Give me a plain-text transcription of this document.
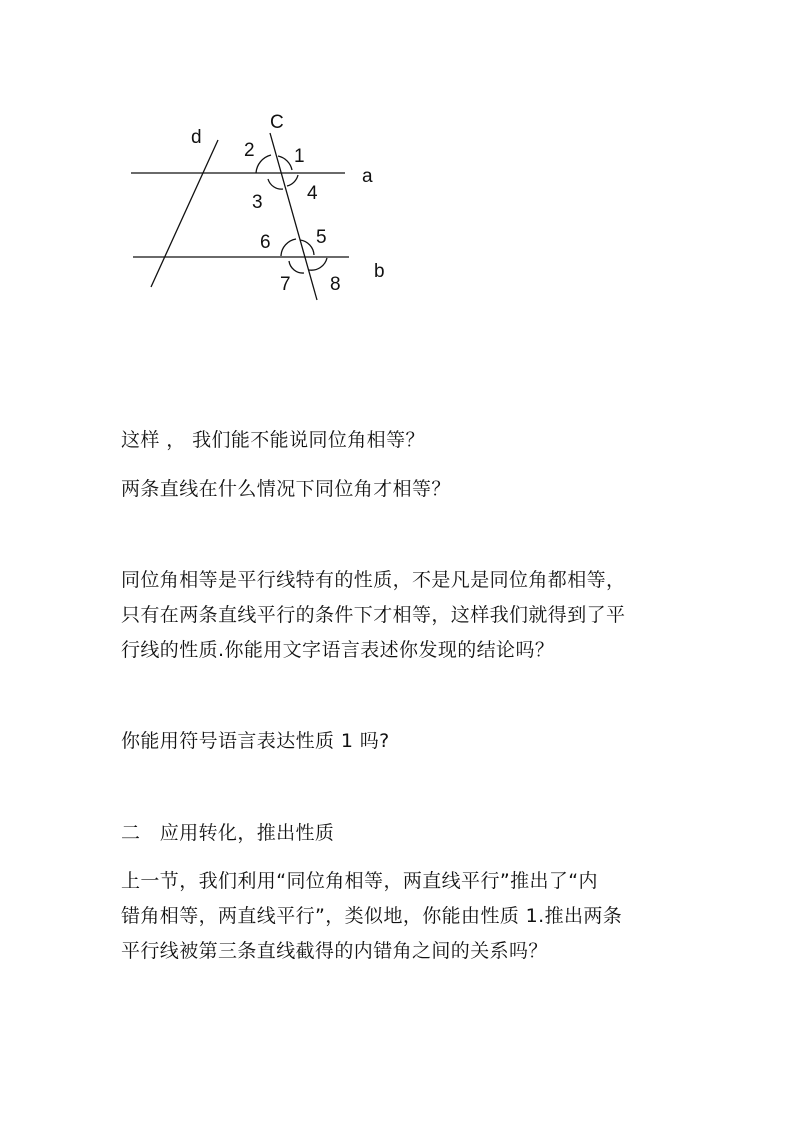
d
C
a
b
2 1
3 4
6 5
7 8

这样 ， 我们能不能说同位角相等？

两条直线在什么情况下同位角才相等？

同位角相等是平行线特有的性质，不是凡是同位角都相等，

只有在两条直线平行的条件下才相等，这样我们就得到了平

行线的性质.你能用文字语言表述你发现的结论吗？

你能用符号语言表达性质 1 吗?

二   应用转化，推出性质

上一节，我们利用“同位角相等，两直线平行”推出了“内

错角相等，两直线平行”，类似地，你能由性质 1.推出两条

平行线被第三条直线截得的内错角之间的关系吗？
